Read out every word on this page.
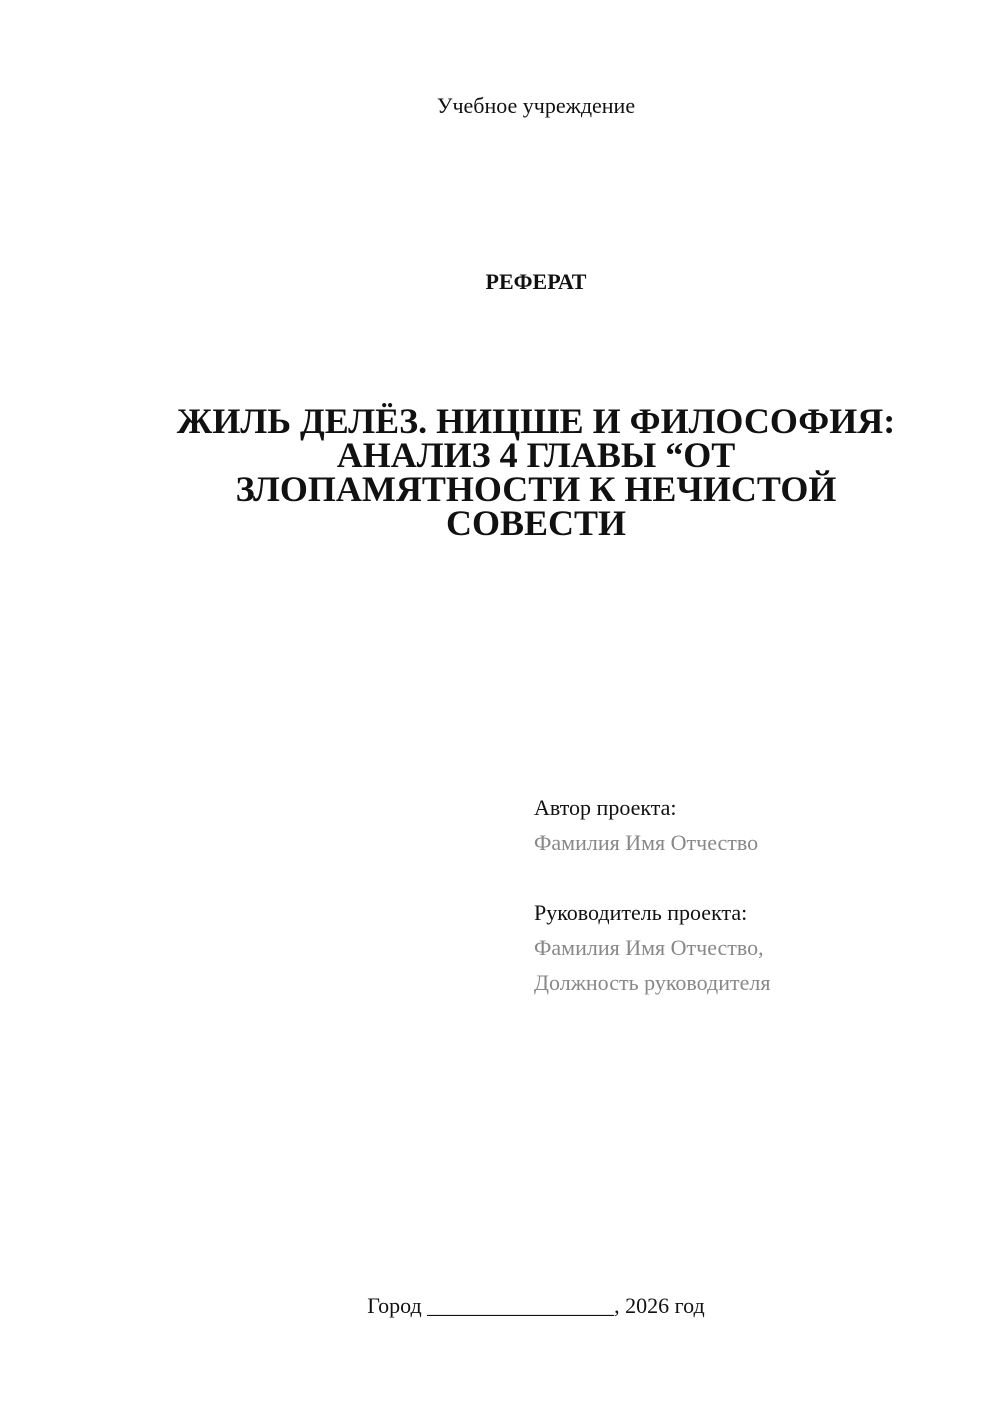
Учебное учреждение
РЕФЕРАТ
ЖИЛЬ ДЕЛЁЗ. НИЦШЕ И ФИЛОСОФИЯ:
АНАЛИЗ 4 ГЛАВЫ “ОТ
ЗЛОПАМЯТНОСТИ К НЕЧИСТОЙ
СОВЕСТИ
Автор проекта:
Фамилия Имя Отчество
Руководитель проекта:
Фамилия Имя Отчество,
Должность руководителя
Город _________________, 2026 год
